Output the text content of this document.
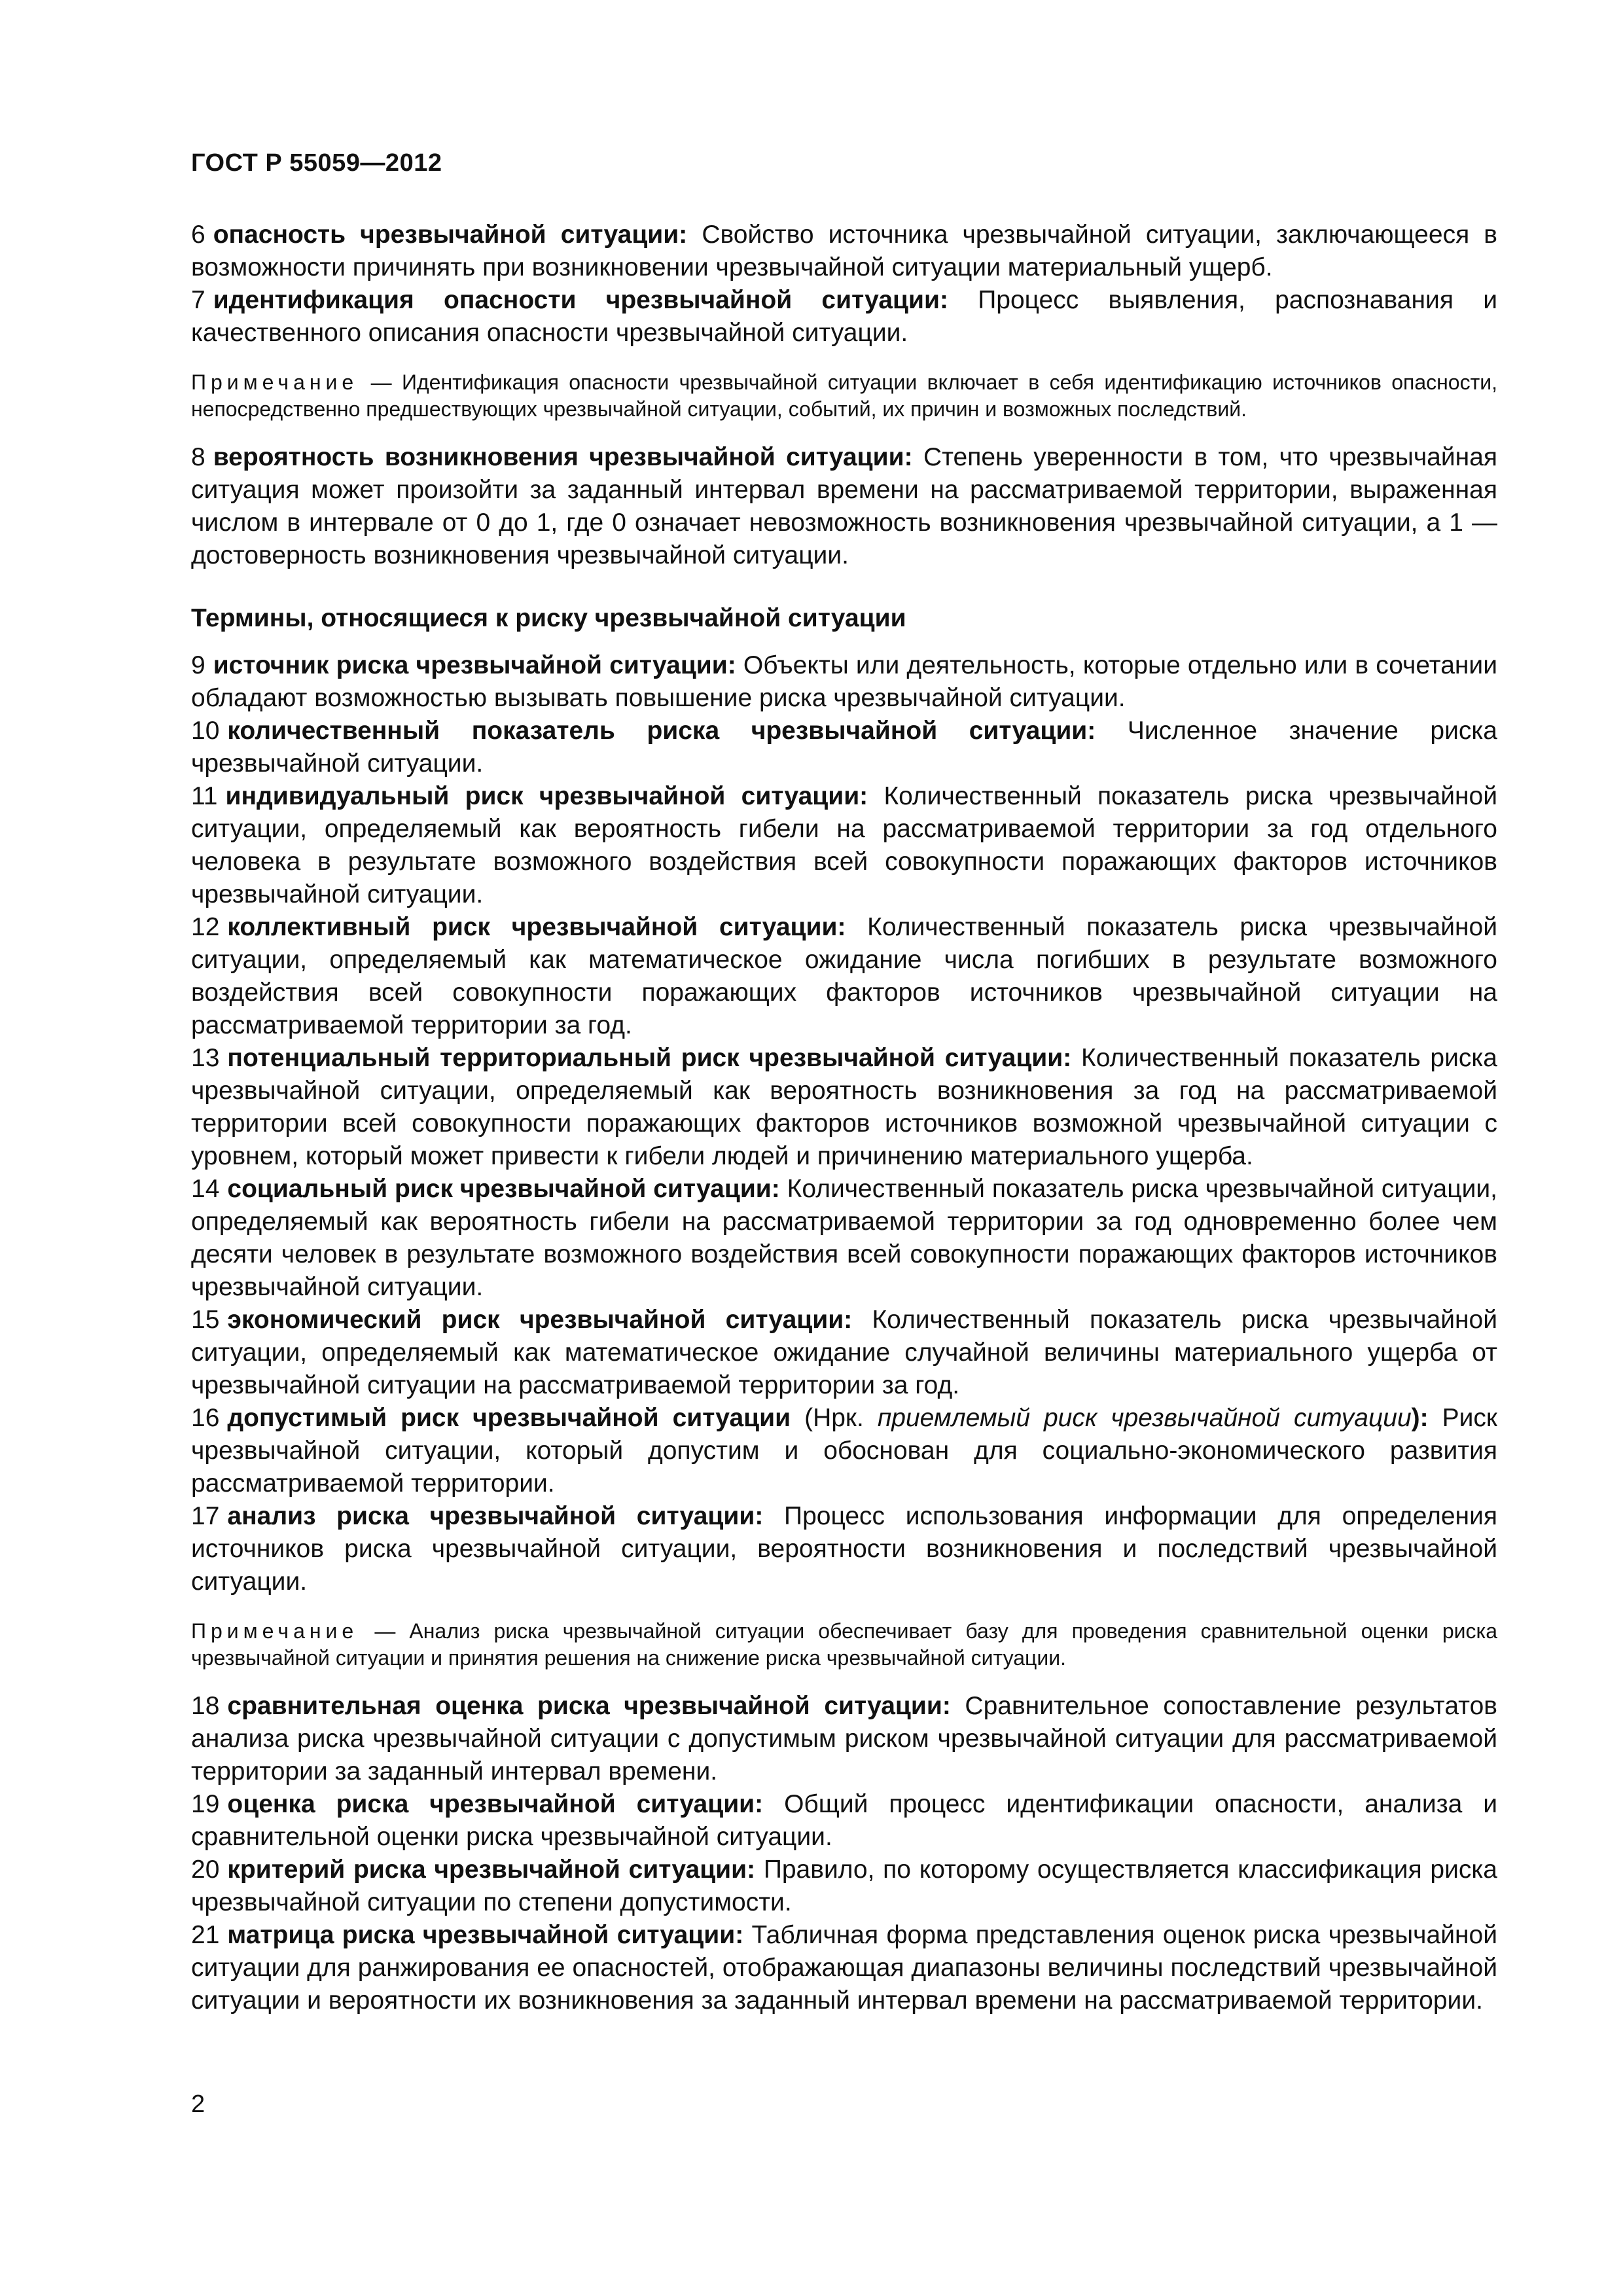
ГОСТ Р 55059—2012

6 опасность чрезвычайной ситуации: Свойство источника чрезвычайной ситуации, заключающееся в возможности причинять при возникновении чрезвычайной ситуации материальный ущерб.

7 идентификация опасности чрезвычайной ситуации: Процесс выявления, распознавания и качественного описания опасности чрезвычайной ситуации.

Примечание — Идентификация опасности чрезвычайной ситуации включает в себя идентификацию источников опасности, непосредственно предшествующих чрезвычайной ситуации, событий, их причин и возможных последствий.

8 вероятность возникновения чрезвычайной ситуации: Степень уверенности в том, что чрезвычайная ситуация может произойти за заданный интервал времени на рассматриваемой территории, выраженная числом в интервале от 0 до 1, где 0 означает невозможность возникновения чрезвычайной ситуации, а 1 — достоверность возникновения чрезвычайной ситуации.

Термины, относящиеся к риску чрезвычайной ситуации

9 источник риска чрезвычайной ситуации: Объекты или деятельность, которые отдельно или в сочетании обладают возможностью вызывать повышение риска чрезвычайной ситуации.

10 количественный показатель риска чрезвычайной ситуации: Численное значение риска чрезвычайной ситуации.

11 индивидуальный риск чрезвычайной ситуации: Количественный показатель риска чрезвычайной ситуации, определяемый как вероятность гибели на рассматриваемой территории за год отдельного человека в результате возможного воздействия всей совокупности поражающих факторов источников чрезвычайной ситуации.

12 коллективный риск чрезвычайной ситуации: Количественный показатель риска чрезвычайной ситуации, определяемый как математическое ожидание числа погибших в результате возможного воздействия всей совокупности поражающих факторов источников чрезвычайной ситуации на рассматриваемой территории за год.

13 потенциальный территориальный риск чрезвычайной ситуации: Количественный показатель риска чрезвычайной ситуации, определяемый как вероятность возникновения за год на рассматриваемой территории всей совокупности поражающих факторов источников возможной чрезвычайной ситуации с уровнем, который может привести к гибели людей и причинению материального ущерба.

14 социальный риск чрезвычайной ситуации: Количественный показатель риска чрезвычайной ситуации, определяемый как вероятность гибели на рассматриваемой территории за год одновременно более чем десяти человек в результате возможного воздействия всей совокупности поражающих факторов источников чрезвычайной ситуации.

15 экономический риск чрезвычайной ситуации: Количественный показатель риска чрезвычайной ситуации, определяемый как математическое ожидание случайной величины материального ущерба от чрезвычайной ситуации на рассматриваемой территории за год.

16 допустимый риск чрезвычайной ситуации (Нрк. приемлемый риск чрезвычайной ситуации): Риск чрезвычайной ситуации, который допустим и обоснован для социально-экономического развития рассматриваемой территории.

17 анализ риска чрезвычайной ситуации: Процесс использования информации для определения источников риска чрезвычайной ситуации, вероятности возникновения и последствий чрезвычайной ситуации.

Примечание — Анализ риска чрезвычайной ситуации обеспечивает базу для проведения сравнительной оценки риска чрезвычайной ситуации и принятия решения на снижение риска чрезвычайной ситуации.

18 сравнительная оценка риска чрезвычайной ситуации: Сравнительное сопоставление результатов анализа риска чрезвычайной ситуации с допустимым риском чрезвычайной ситуации для рассматриваемой территории за заданный интервал времени.

19 оценка риска чрезвычайной ситуации: Общий процесс идентификации опасности, анализа и сравнительной оценки риска чрезвычайной ситуации.

20 критерий риска чрезвычайной ситуации: Правило, по которому осуществляется классификация риска чрезвычайной ситуации по степени допустимости.

21 матрица риска чрезвычайной ситуации: Табличная форма представления оценок риска чрезвычайной ситуации для ранжирования ее опасностей, отображающая диапазоны величины последствий чрезвычайной ситуации и вероятности их возникновения за заданный интервал времени на рассматриваемой территории.

2
